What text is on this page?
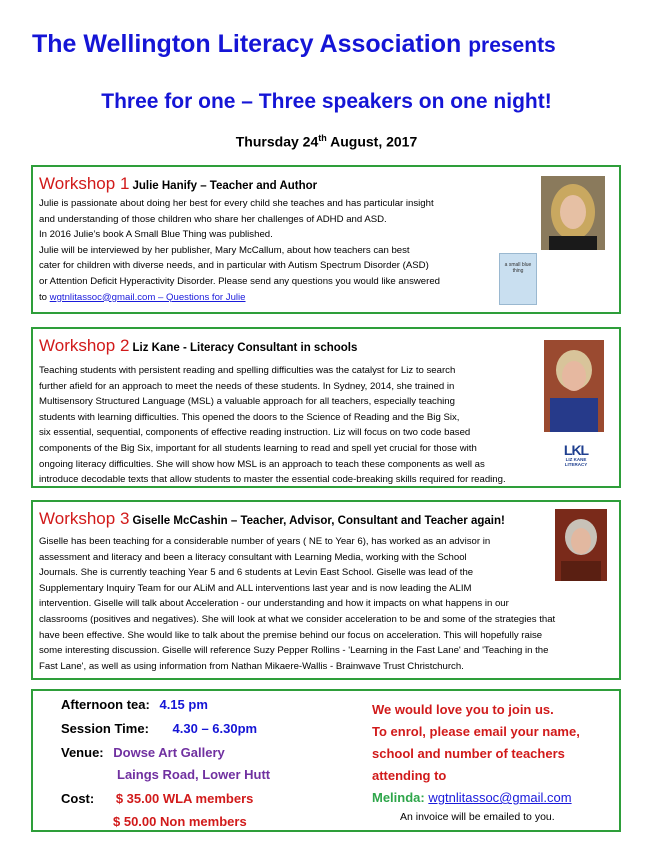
The Wellington Literacy Association presents
Three for one – Three speakers on one night!
Thursday 24th August, 2017
Workshop 1 Julie Hanify – Teacher and Author
Julie is passionate about doing her best for every child she teaches and has particular insight
and understanding of those children who share her challenges of ADHD and ASD.
In 2016 Julie’s book A Small Blue Thing was published.
Julie will be interviewed by her publisher, Mary McCallum, about how teachers can best
cater for children with diverse needs, and in particular with Autism Spectrum Disorder (ASD)
or Attention Deficit Hyperactivity Disorder. Please send any questions you would like answered
to wgtnlitassoc@gmail.com – Questions for Julie
a small blue thing
Workshop 2 Liz Kane - Literacy Consultant in schools
Teaching students with persistent reading and spelling difficulties was the catalyst for Liz to search
further afield for an approach to meet the needs of these students. In Sydney, 2014, she trained in
Multisensory Structured Language (MSL) a valuable approach for all teachers, especially teaching
students with learning difficulties. This opened the doors to the Science of Reading and the Big Six,
six essential, sequential, components of effective reading instruction. Liz will focus on two code based
components of the Big Six, important for all students learning to read and spell yet crucial for those with
ongoing literacy difficulties. She will show how MSL is an approach to teach these components as well as
introduce decodable texts that allow students to master the essential code-breaking skills required for reading.
LKL
LIZ KANE LITERACY
Workshop 3 Giselle McCashin – Teacher, Advisor, Consultant and Teacher again!
Giselle has been teaching for a considerable number of years ( NE to Year 6), has worked as an advisor in
assessment and literacy and been a literacy consultant with Learning Media, working with the School
Journals. She is currently teaching Year 5 and 6 students at Levin East School. Giselle was lead of the
Supplementary Inquiry Team for our ALiM and ALL interventions last year and is now leading the ALIM
intervention. Giselle will talk about Acceleration - our understanding and how it impacts on what happens in our
classrooms (positives and negatives). She will look at what we consider acceleration to be and some of the strategies that
have been effective. She would like to talk about the premise behind our focus on acceleration. This will hopefully raise
some interesting discussion. Giselle will reference Suzy Pepper Rollins - 'Learning in the Fast Lane' and 'Teaching in the
Fast Lane', as well as using information from Nathan Mikaere-Wallis - Brainwave Trust Christchurch.
Afternoon tea: 4.15 pm
Session Time: 4.30 – 6.30pm
Venue: Dowse Art Gallery
Laings Road, Lower Hutt
Cost: $ 35.00 WLA members
$ 50.00 Non members
We would love you to join us.
To enrol, please email your name,
school and number of teachers
attending to
Melinda: wgtnlitassoc@gmail.com
An invoice will be emailed to you.
